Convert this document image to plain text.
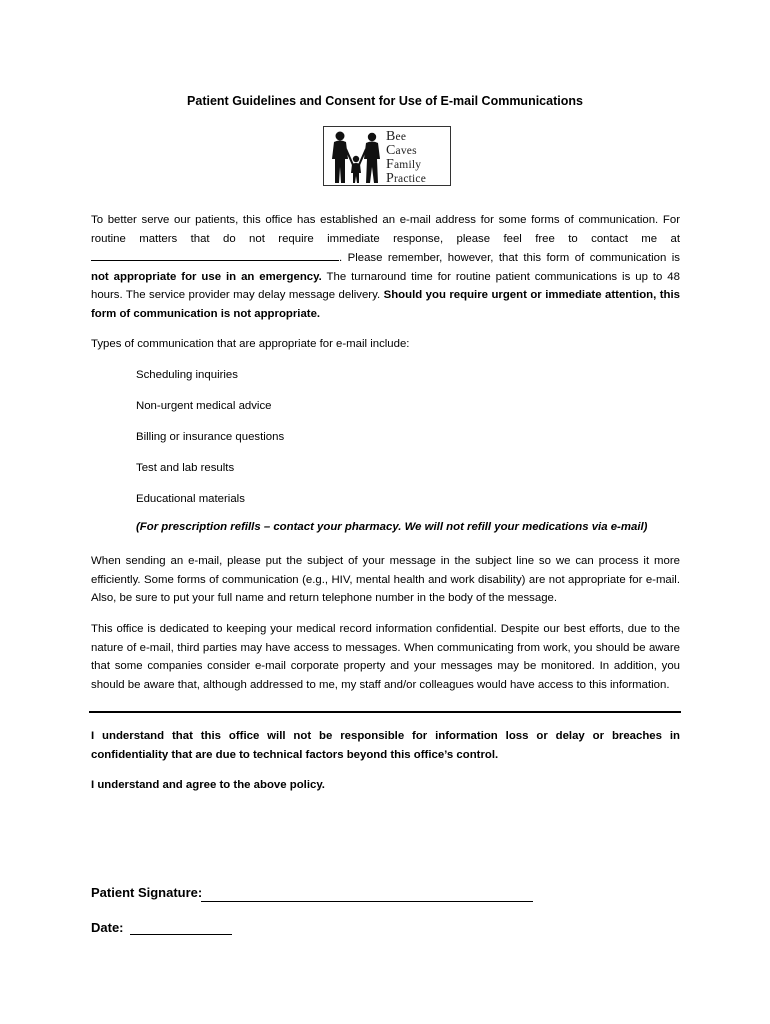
Patient Guidelines and Consent for Use of E-mail Communications
Bee
Caves
Family
Practice

To better serve our patients, this office has established an e-mail address for some forms of communication. For routine matters that do not require immediate response, please feel free to contact me at . Please remember, however, that this form of communication is not appropriate for use in an emergency. The turnaround time for routine patient communications is up to 48 hours. The service provider may delay message delivery. Should you require urgent or immediate attention, this form of communication is not appropriate.

Types of communication that are appropriate for e-mail include:

Scheduling inquiries
Non-urgent medical advice
Billing or insurance questions
Test and lab results
Educational materials
(For prescription refills – contact your pharmacy. We will not refill your medications via e-mail)

When sending an e-mail, please put the subject of your message in the subject line so we can process it more efficiently. Some forms of communication (e.g., HIV, mental health and work disability) are not appropriate for e-mail. Also, be sure to put your full name and return telephone number in the body of the message.

This office is dedicated to keeping your medical record information confidential. Despite our best efforts, due to the nature of e-mail, third parties may have access to messages. When communicating from work, you should be aware that some companies consider e-mail corporate property and your messages may be monitored. In addition, you should be aware that, although addressed to me, my staff and/or colleagues would have access to this information.

I understand that this office will not be responsible for information loss or delay or breaches in confidentiality that are due to technical factors beyond this office’s control.

I understand and agree to the above policy.

Patient Signature:
Date:
